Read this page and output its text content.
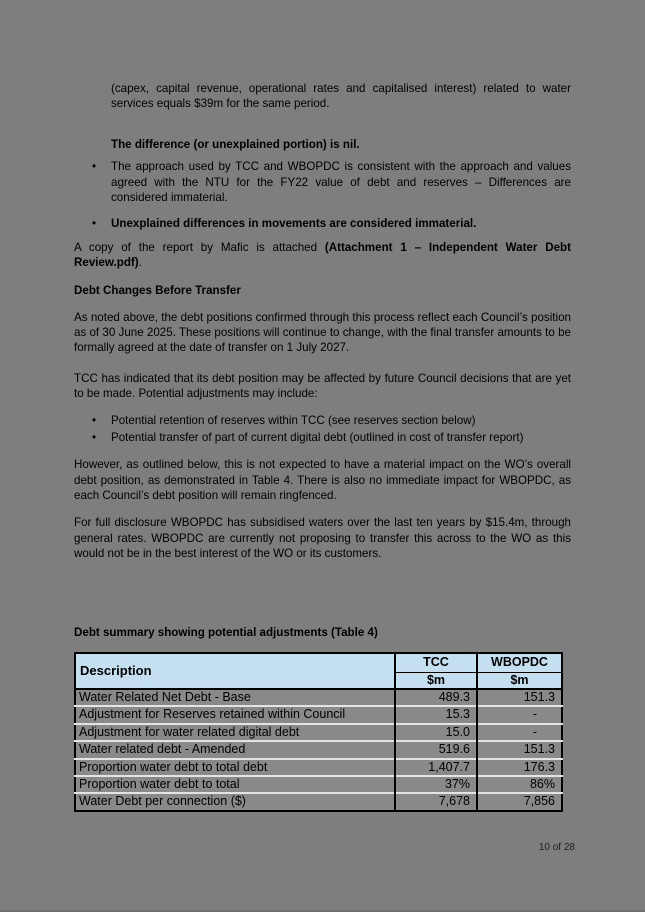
(capex, capital revenue, operational rates and capitalised interest) related to water services equals $39m for the same period.

The difference (or unexplained portion) is nil.

•	The approach used by TCC and WBOPDC is consistent with the approach and values agreed with the NTU for the FY22 value of debt and reserves – Differences are considered immaterial.
•	Unexplained differences in movements are considered immaterial.

A copy of the report by Mafic is attached (Attachment 1 – Independent Water Debt Review.pdf).

Debt Changes Before Transfer

As noted above, the debt positions confirmed through this process reflect each Council’s position as of 30 June 2025. These positions will continue to change, with the final transfer amounts to be formally agreed at the date of transfer on 1 July 2027.

TCC has indicated that its debt position may be affected by future Council decisions that are yet to be made. Potential adjustments may include:

•	Potential retention of reserves within TCC (see reserves section below)
•	Potential transfer of part of current digital debt (outlined in cost of transfer report)

However, as outlined below, this is not expected to have a material impact on the WO’s overall debt position, as demonstrated in Table 4. There is also no immediate impact for WBOPDC, as each Council’s debt position will remain ringfenced.

For full disclosure WBOPDC has subsidised waters over the last ten years by $15.4m, through general rates. WBOPDC are currently not proposing to transfer this across to the WO as this would not be in the best interest of the WO or its customers.

Debt summary showing potential adjustments (Table 4)

Description	TCC	WBOPDC
	$m	$m
Water Related Net Debt - Base	489.3	151.3
Adjustment for Reserves retained within Council	15.3	-
Adjustment for water related digital debt	15.0	-
Water related debt - Amended	519.6	151.3
Proportion water debt to total debt	1,407.7	176.3
Proportion water debt to total	37%	86%
Water Debt per connection ($)	7,678	7,856
10 of 28
